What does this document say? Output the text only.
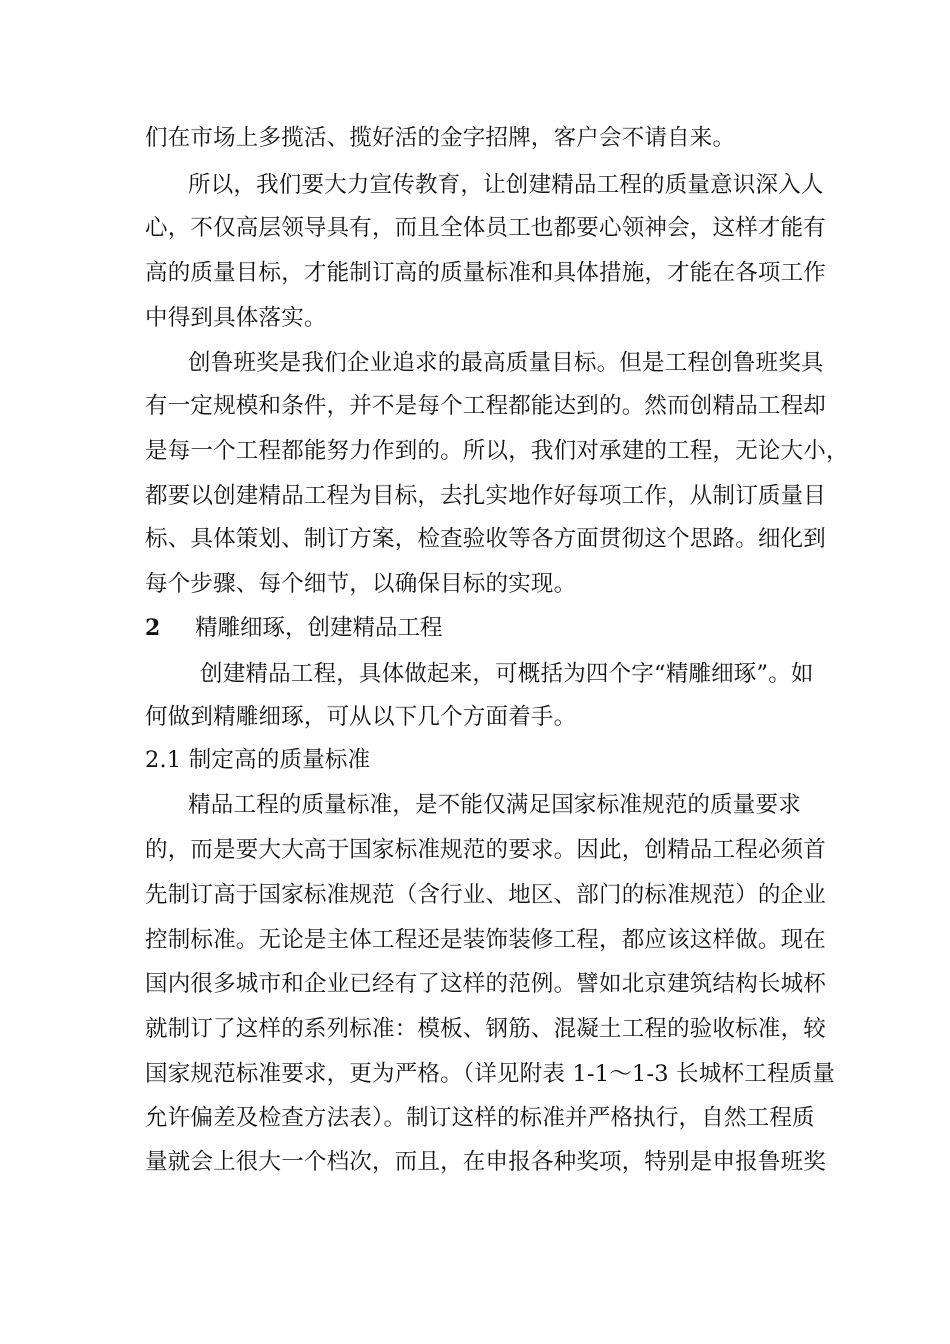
们在市场上多揽活、揽好活的金字招牌，客户会不请自来。
所以，我们要大力宣传教育，让创建精品工程的质量意识深入人
心，不仅高层领导具有，而且全体员工也都要心领神会，这样才能有
高的质量目标，才能制订高的质量标准和具体措施，才能在各项工作
中得到具体落实。
创鲁班奖是我们企业追求的最高质量目标。但是工程创鲁班奖具
有一定规模和条件，并不是每个工程都能达到的。然而创精品工程却
是每一个工程都能努力作到的。所以，我们对承建的工程，无论大小，
都要以创建精品工程为目标，去扎实地作好每项工作，从制订质量目
标、具体策划、制订方案，检查验收等各方面贯彻这个思路。细化到
每个步骤、每个细节，以确保目标的实现。
2 精雕细琢，创建精品工程
创建精品工程，具体做起来，可概括为四个字“精雕细琢”。如
何做到精雕细琢，可从以下几个方面着手。
2.1 制定高的质量标准
精品工程的质量标准，是不能仅满足国家标准规范的质量要求
的，而是要大大高于国家标准规范的要求。因此，创精品工程必须首
先制订高于国家标准规范（含行业、地区、部门的标准规范）的企业
控制标准。无论是主体工程还是装饰装修工程，都应该这样做。现在
国内很多城市和企业已经有了这样的范例。譬如北京建筑结构长城杯
就制订了这样的系列标准：模板、钢筋、混凝土工程的验收标准，较
国家规范标准要求，更为严格。（详见附表 1-1～1-3 长城杯工程质量
允许偏差及检查方法表）。制订这样的标准并严格执行，自然工程质
量就会上很大一个档次，而且，在申报各种奖项，特别是申报鲁班奖
